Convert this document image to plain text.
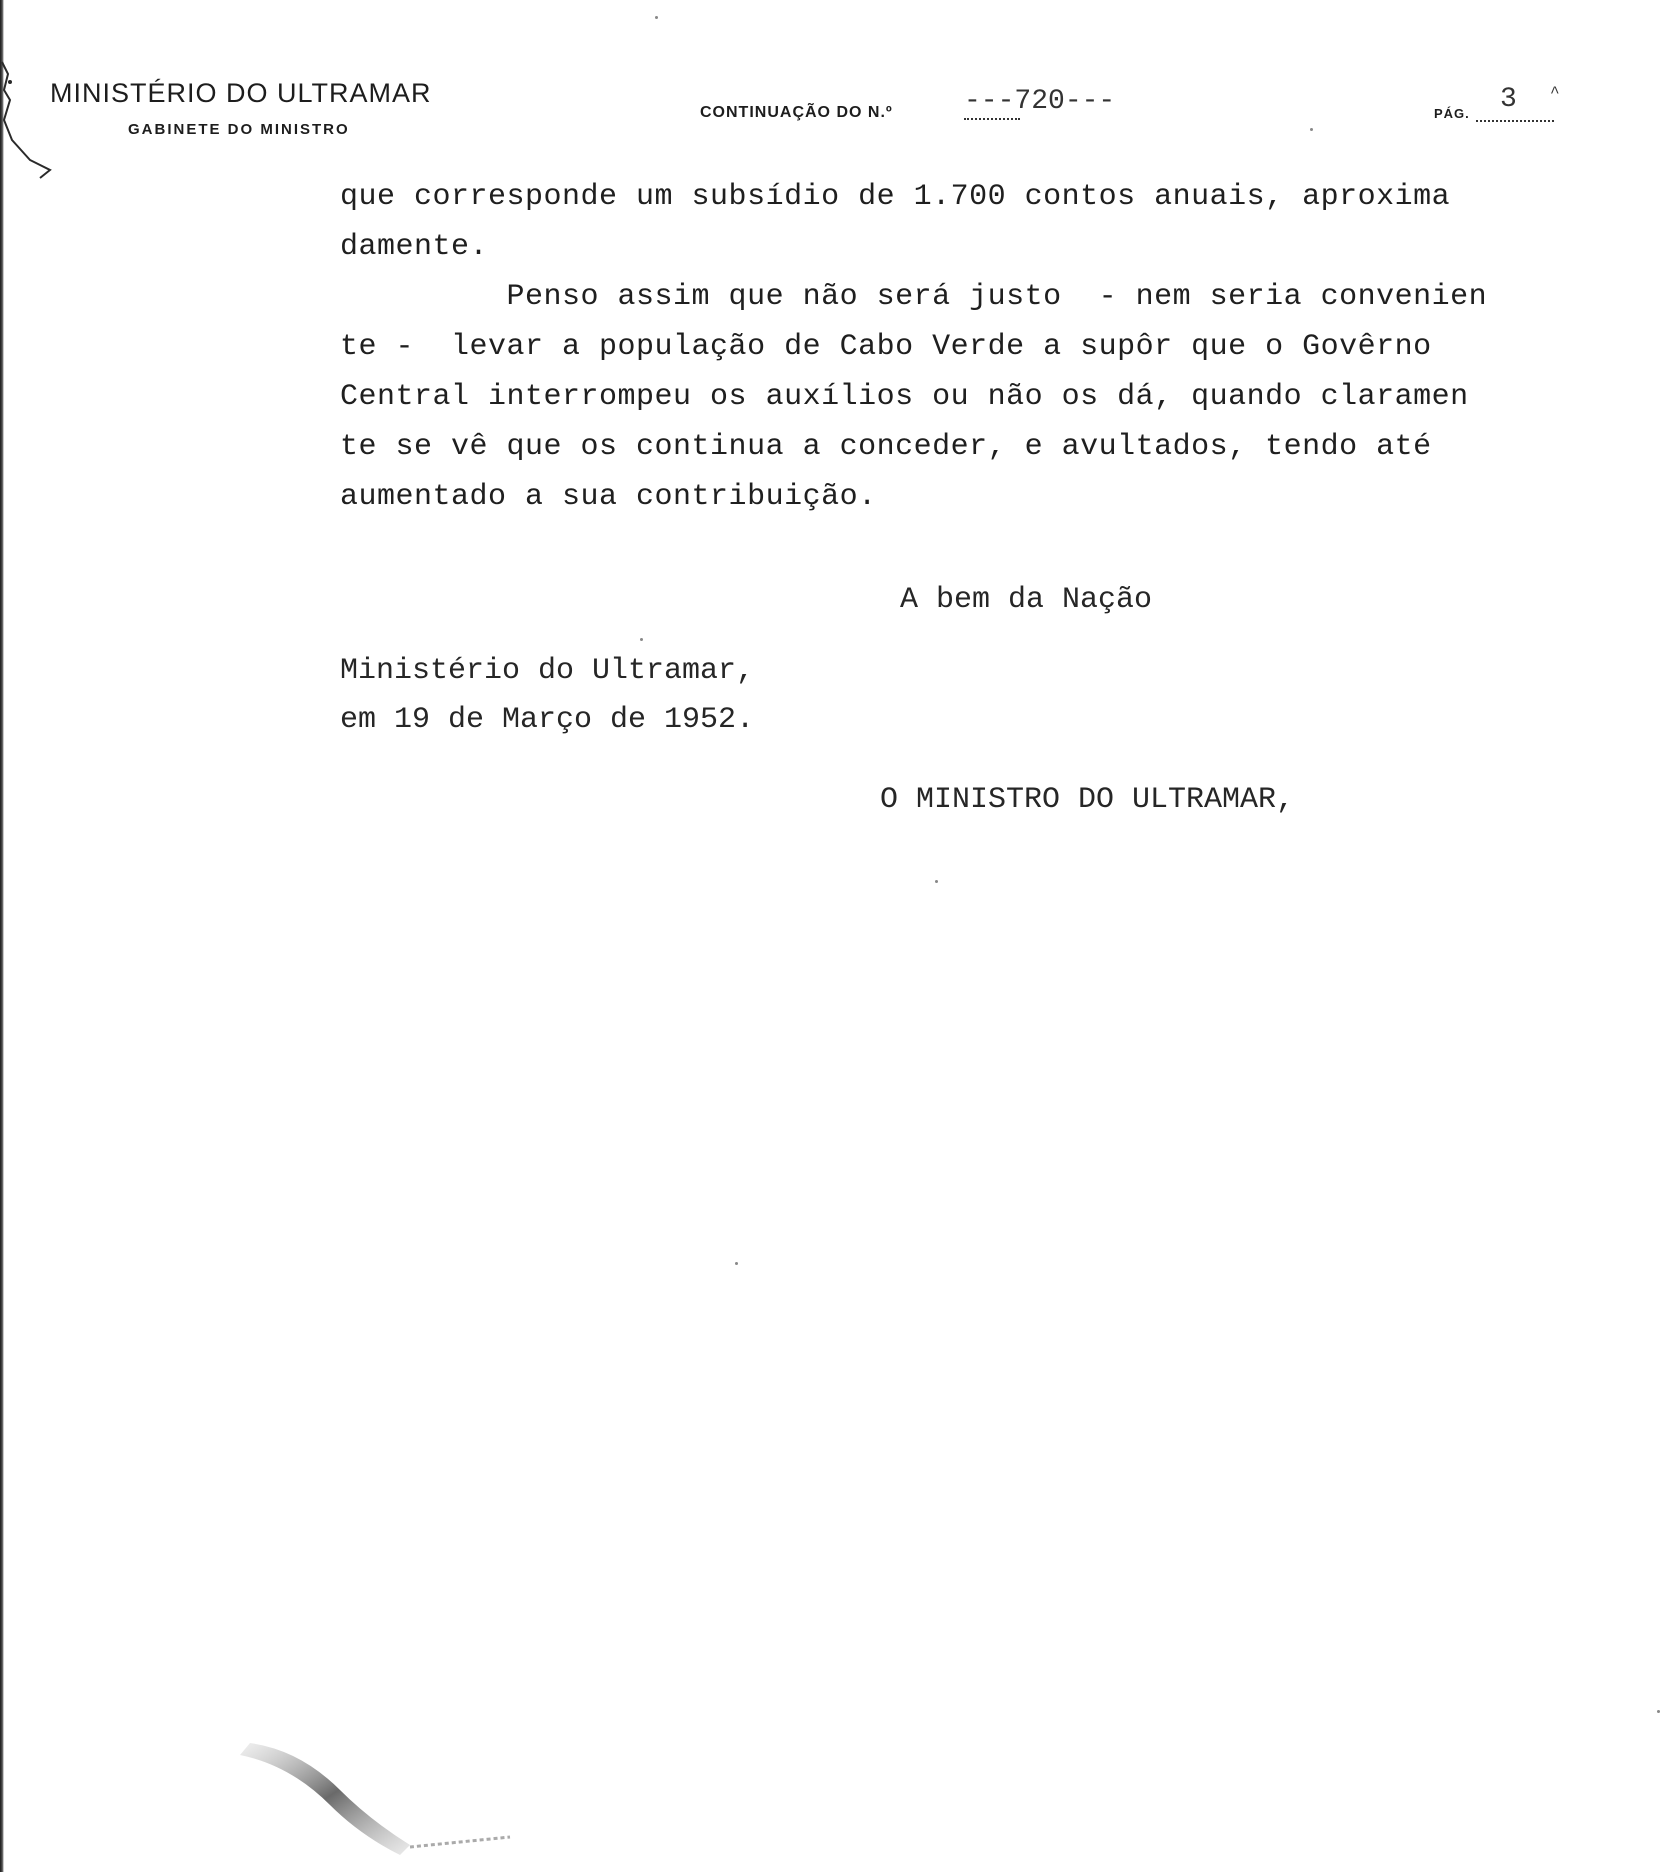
MINISTÉRIO DO ULTRAMAR
GABINETE DO MINISTRO
CONTINUAÇÃO DO N.º	---720---	PÁG. 3 ^
que corresponde um subsídio de 1.700 contos anuais, aproxima
damente.
Penso assim que não será justo  - nem seria convenien
te -  levar a população de Cabo Verde a supôr que o Govêrno
Central interrompeu os auxílios ou não os dá, quando claramen
te se vê que os continua a conceder, e avultados, tendo até
aumentado a sua contribuição.
A bem da Nação
Ministério do Ultramar,
em 19 de Março de 1952.
O MINISTRO DO ULTRAMAR,
